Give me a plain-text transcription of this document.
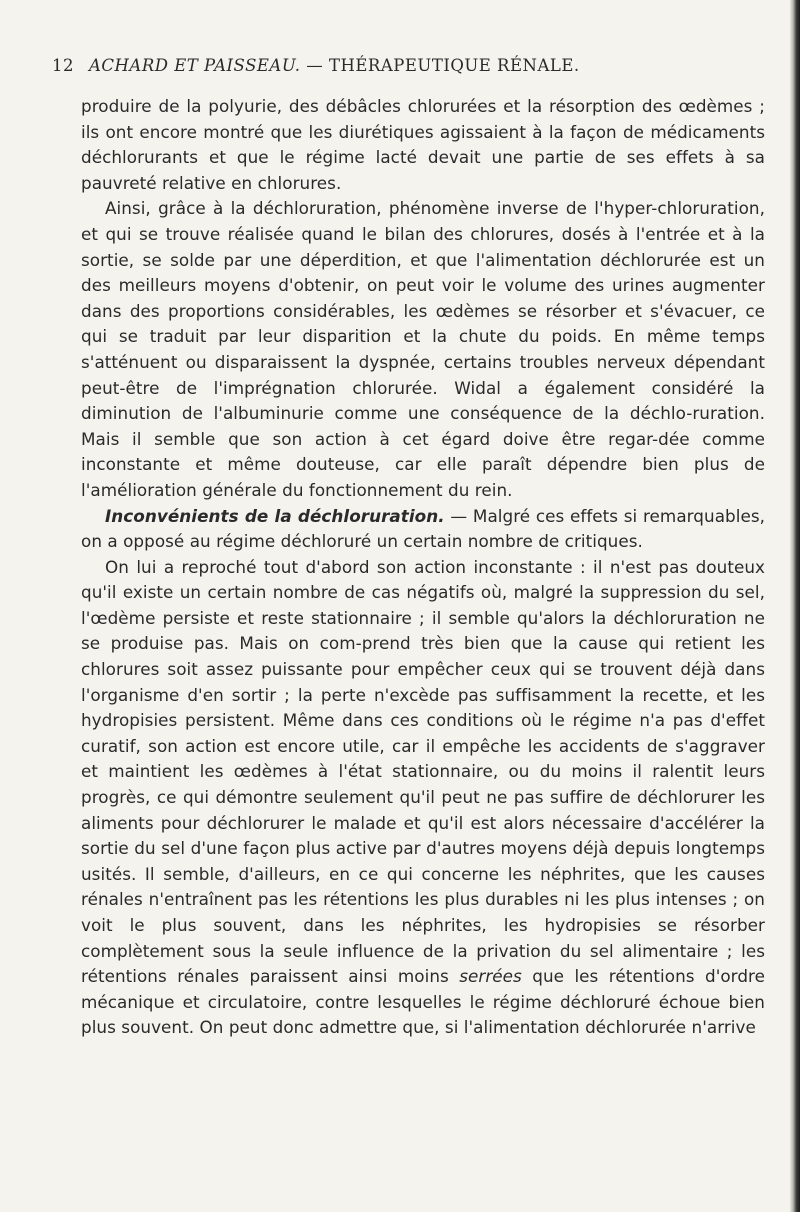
12 ACHARD ET PAISSEAU. — THÉRAPEUTIQUE RÉNALE.

produire de la polyurie, des débâcles chlorurées et la résorption des œdèmes ; ils ont encore montré que les diurétiques agissaient à la façon de médicaments déchlorurants et que le régime lacté devait une partie de ses effets à sa pauvreté relative en chlorures.

Ainsi, grâce à la déchloruration, phénomène inverse de l'hyper-chloruration, et qui se trouve réalisée quand le bilan des chlorures, dosés à l'entrée et à la sortie, se solde par une déperdition, et que l'alimentation déchlorurée est un des meilleurs moyens d'obtenir, on peut voir le volume des urines augmenter dans des proportions considérables, les œdèmes se résorber et s'évacuer, ce qui se traduit par leur disparition et la chute du poids. En même temps s'atténuent ou disparaissent la dyspnée, certains troubles nerveux dépendant peut-être de l'imprégnation chlorurée. Widal a également considéré la diminution de l'albuminurie comme une conséquence de la déchlo-ruration. Mais il semble que son action à cet égard doive être regar-dée comme inconstante et même douteuse, car elle paraît dépendre bien plus de l'amélioration générale du fonctionnement du rein.

Inconvénients de la déchloruration. — Malgré ces effets si remarquables, on a opposé au régime déchloruré un certain nombre de critiques.

On lui a reproché tout d'abord son action inconstante : il n'est pas douteux qu'il existe un certain nombre de cas négatifs où, malgré la suppression du sel, l'œdème persiste et reste stationnaire ; il semble qu'alors la déchloruration ne se produise pas. Mais on com-prend très bien que la cause qui retient les chlorures soit assez puissante pour empêcher ceux qui se trouvent déjà dans l'organisme d'en sortir ; la perte n'excède pas suffisamment la recette, et les hydropisies persistent. Même dans ces conditions où le régime n'a pas d'effet curatif, son action est encore utile, car il empêche les accidents de s'aggraver et maintient les œdèmes à l'état stationnaire, ou du moins il ralentit leurs progrès, ce qui démontre seulement qu'il peut ne pas suffire de déchlorurer les aliments pour déchlorurer le malade et qu'il est alors nécessaire d'accélérer la sortie du sel d'une façon plus active par d'autres moyens déjà depuis longtemps usités. Il semble, d'ailleurs, en ce qui concerne les néphrites, que les causes rénales n'entraînent pas les rétentions les plus durables ni les plus intenses ; on voit le plus souvent, dans les néphrites, les hydropisies se résorber complètement sous la seule influence de la privation du sel alimentaire ; les rétentions rénales paraissent ainsi moins serrées que les rétentions d'ordre mécanique et circulatoire, contre lesquelles le régime déchloruré échoue bien plus souvent. On peut donc admettre que, si l'alimentation déchlorurée n'arrive
